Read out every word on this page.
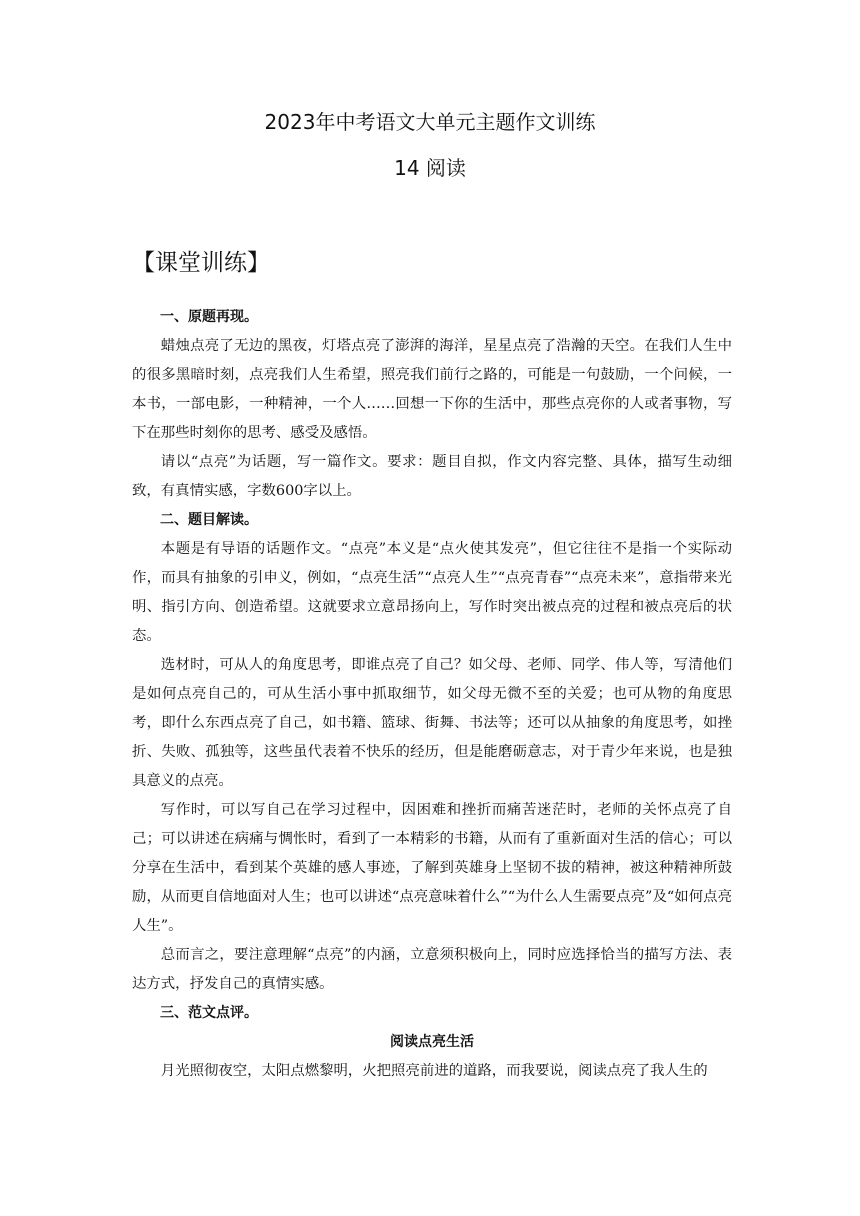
2023年中考语文大单元主题作文训练
14 阅读
【课堂训练】

一、原题再现。

蜡烛点亮了无边的黑夜，灯塔点亮了澎湃的海洋，星星点亮了浩瀚的天空。在我们人生中的很多黑暗时刻，点亮我们人生希望，照亮我们前行之路的，可能是一句鼓励，一个问候，一本书，一部电影，一种精神，一个人……回想一下你的生活中，那些点亮你的人或者事物，写下在那些时刻你的思考、感受及感悟。

请以“点亮”为话题，写一篇作文。要求：题目自拟，作文内容完整、具体，描写生动细致，有真情实感，字数600字以上。

二、题目解读。

本题是有导语的话题作文。“点亮”本义是“点火使其发亮”，但它往往不是指一个实际动作，而具有抽象的引申义，例如，“点亮生活”“点亮人生”“点亮青春”“点亮未来”，意指带来光明、指引方向、创造希望。这就要求立意昂扬向上，写作时突出被点亮的过程和被点亮后的状态。

选材时，可从人的角度思考，即谁点亮了自己？如父母、老师、同学、伟人等，写清他们是如何点亮自己的，可从生活小事中抓取细节，如父母无微不至的关爱；也可从物的角度思考，即什么东西点亮了自己，如书籍、篮球、街舞、书法等；还可以从抽象的角度思考，如挫折、失败、孤独等，这些虽代表着不快乐的经历，但是能磨砺意志，对于青少年来说，也是独具意义的点亮。

写作时，可以写自己在学习过程中，因困难和挫折而痛苦迷茫时，老师的关怀点亮了自己；可以讲述在病痛与惆怅时，看到了一本精彩的书籍，从而有了重新面对生活的信心；可以分享在生活中，看到某个英雄的感人事迹，了解到英雄身上坚韧不拔的精神，被这种精神所鼓励，从而更自信地面对人生；也可以讲述“点亮意味着什么”“为什么人生需要点亮”及“如何点亮人生”。

总而言之，要注意理解“点亮”的内涵，立意须积极向上，同时应选择恰当的描写方法、表达方式，抒发自己的真情实感。

三、范文点评。

阅读点亮生活

月光照彻夜空，太阳点燃黎明，火把照亮前进的道路，而我要说，阅读点亮了我人生的
